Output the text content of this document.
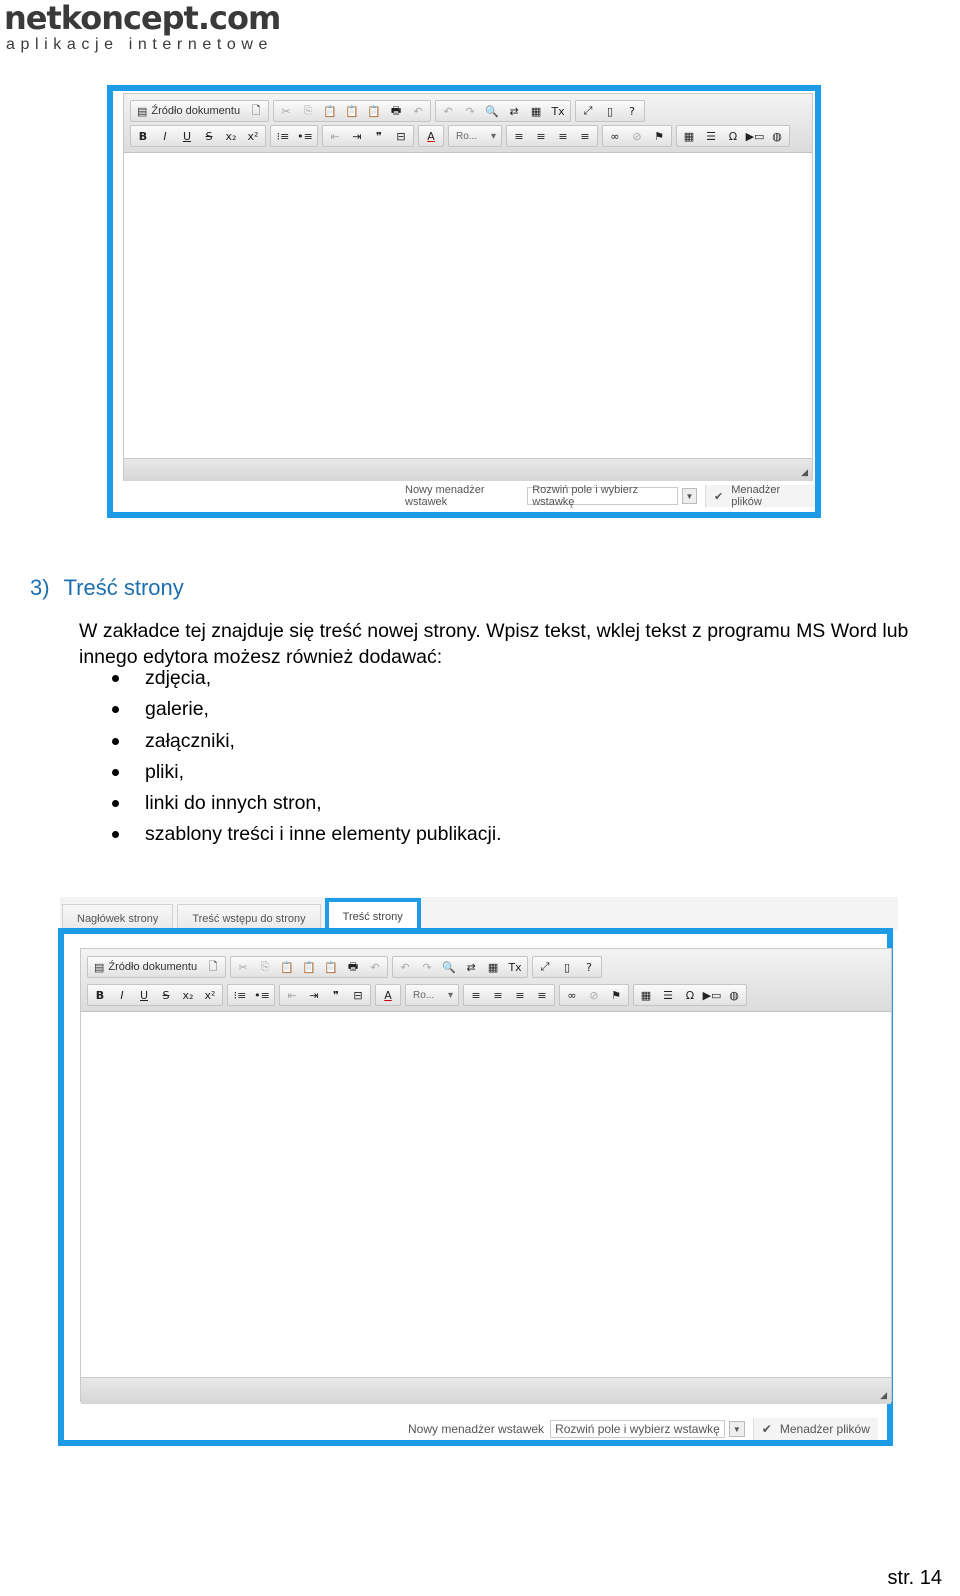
netkoncept.com
aplikacje internetowe
▤ Źródło dokumentu	🗋	✂	⎘ 📋 📋 📋 🖶	↶	↶	↷ 🔍 ⇄	▦ Tx	⤢	▯	?
B	I	U	S	x₂	x²	⁝≡ •≡	⇤	⇥	❞	⊟	A	Ro... ▾	≡	≡	≡	≡	∞	⊘	⚑	▦	☰	Ω ▶▭ ◍
◢
Nowy menadżer wstawek
Rozwiń pole i wybierz wstawkę	▼	✔
Menadżer plików
3) Treść strony
W zakładce tej znajduje się treść nowej strony. Wpisz tekst, wklej tekst z programu MS Word lub innego edytora możesz również dodawać:
zdjęcia,
galerie,
załączniki,
pliki,
linki do innych stron,
szablony treści i inne elementy publikacji.
Nagłówek strony	Treść wstępu do strony	Treść strony
▤ Źródło dokumentu	🗋	✂	⎘ 📋 📋 📋 🖶	↶	↶	↷ 🔍 ⇄	▦ Tx	⤢	▯	?
B	I	U	S	x₂	x²	⁝≡ •≡	⇤	⇥	❞	⊟	A	Ro... ▾	≡	≡	≡	≡	∞	⊘	⚑	▦	☰	Ω ▶▭ ◍
◢
Nowy menadżer wstawek Rozwiń pole i wybierz wstawkę	▼	✔ Menadżer plików
str. 14
